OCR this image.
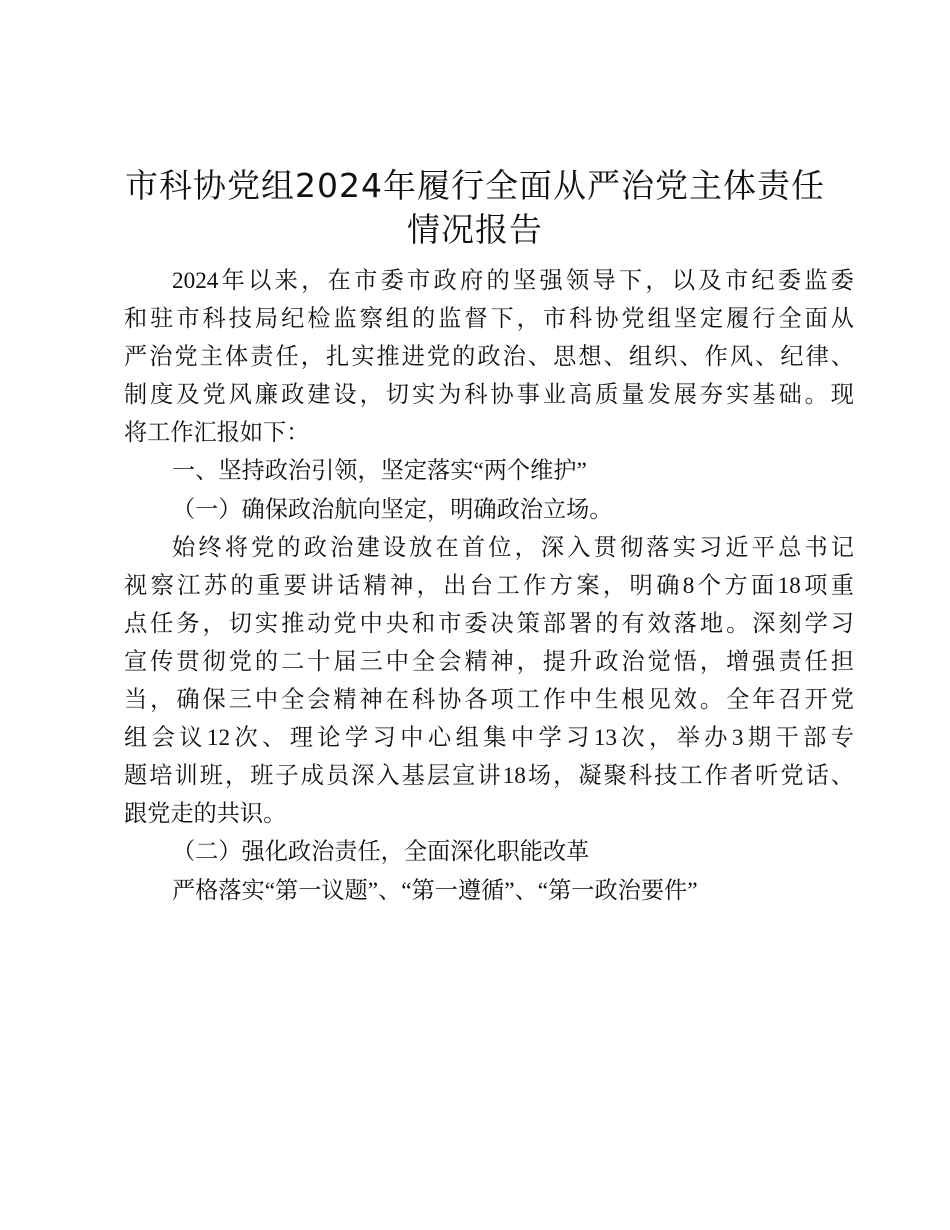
市科协党组2024年履行全面从严治党主体责任
情况报告
2024年以来，在市委市政府的坚强领导下，以及市纪委监委
和驻市科技局纪检监察组的监督下，市科协党组坚定履行全面从
严治党主体责任，扎实推进党的政治、思想、组织、作风、纪律、
制度及党风廉政建设，切实为科协事业高质量发展夯实基础。现
将工作汇报如下：
一、坚持政治引领，坚定落实“两个维护”
（一）确保政治航向坚定，明确政治立场。
始终将党的政治建设放在首位，深入贯彻落实习近平总书记
视察江苏的重要讲话精神，出台工作方案，明确8个方面18项重
点任务，切实推动党中央和市委决策部署的有效落地。深刻学习
宣传贯彻党的二十届三中全会精神，提升政治觉悟，增强责任担
当，确保三中全会精神在科协各项工作中生根见效。全年召开党
组会议12次、理论学习中心组集中学习13次，举办3期干部专
题培训班，班子成员深入基层宣讲18场，凝聚科技工作者听党话、
跟党走的共识。
（二）强化政治责任，全面深化职能改革
严格落实“第一议题”、“第一遵循”、“第一政治要件”
